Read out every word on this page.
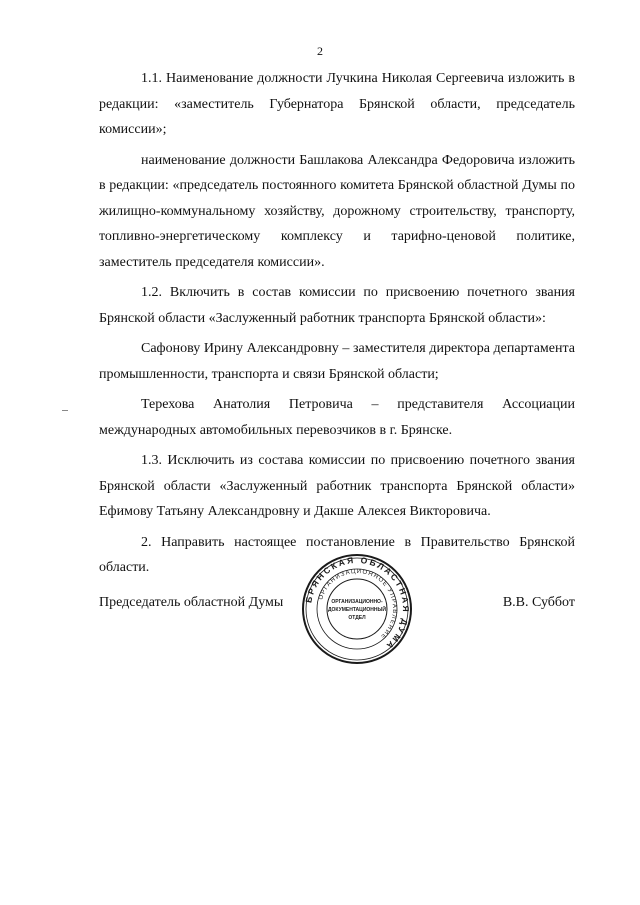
2

1.1. Наименование должности Лучкина Николая Сергеевича изложить в редакции: «заместитель Губернатора Брянской области, председатель комиссии»;

наименование должности Башлакова Александра Федоровича изложить в редакции: «председатель постоянного комитета Брянской областной Думы по жилищно-коммунальному хозяйству, дорожному строительству, транспорту, топливно-энергетическому комплексу и тарифно-ценовой политике, заместитель председателя комиссии».

1.2. Включить в состав комиссии по присвоению почетного звания Брянской области «Заслуженный работник транспорта Брянской области»:

Сафонову Ирину Александровну – заместителя директора департамента промышленности, транспорта и связи Брянской области;

Терехова Анатолия Петровича – представителя Ассоциации международных автомобильных перевозчиков в г. Брянске.

1.3. Исключить из состава комиссии по присвоению почетного звания Брянской области «Заслуженный работник транспорта Брянской области» Ефимову Татьяну Александровну и Дакше Алексея Викторовича.

2. Направить настоящее постановление в Правительство Брянской области.

Председатель областной Думы БРЯНСКАЯ ОБЛАСТНАЯ ДУМА
ОРГАНИЗАЦИОННОЕ УПРАВЛЕНИЕ
ОРГАНИЗАЦИОННО-
ДОКУМЕНТАЦИОННЫЙ
ОТДЕЛ
В.В. Суббот
